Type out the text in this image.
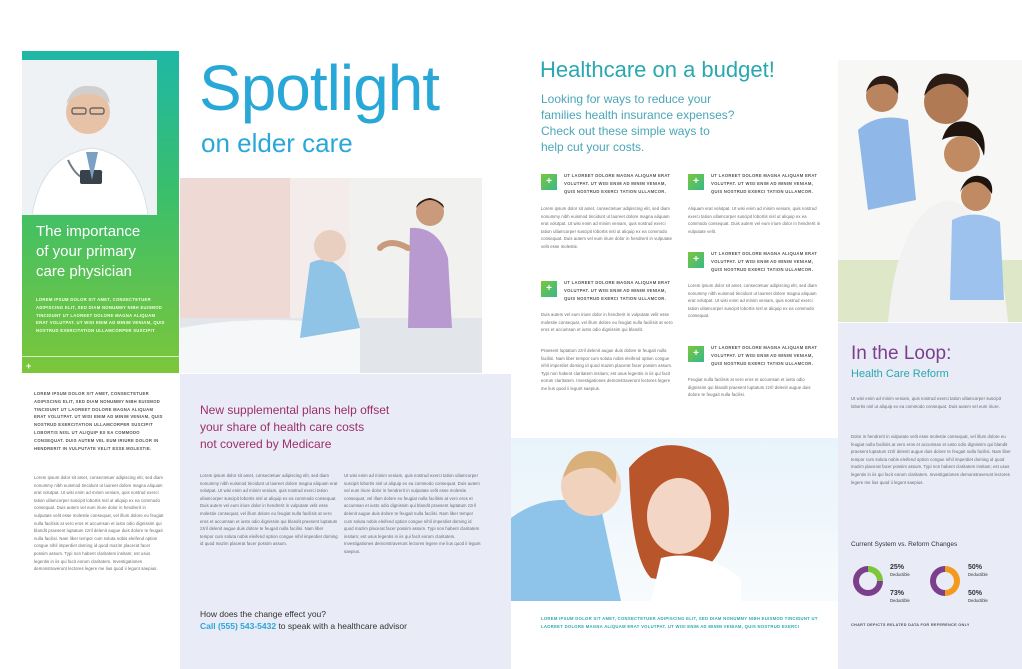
The importance
of your primary
care physician
LOREM IPSUM DOLOR SIT AMET, CONSECTETUER ADIPISCING ELIT, SED DIAM NONUMMY NIBH EUISMOD TINCIDUNT UT LAOREET DOLORE MAGNA ALIQUAM ERAT VOLUTPAT. UT WISI ENIM AD MINIM VENIAM, QUIS NOSTRUD EXERCITATION ULLAMCORPER SUSCIPIT
+
LOREM IPSUM DOLOR SIT AMET, CONSECTETUER ADIPISCING ELIT, SED DIAM NONUMMY NIBH EUISMOD TINCIDUNT UT LAOREET DOLORE MAGNA ALIQUAM ERAT VOLUTPAT. UT WISI ENIM AD MINIM VENIAM, QUIS NOSTRUD EXERCITATION ULLAMCORPER SUSCIPIT LOBORTIS NISL UT ALIQUIP EX EA COMMODO CONSEQUAT. DUIS AUTEM VEL EUM IRIURE DOLOR IN HENDRERIT IN VULPUTATE VELIT ESSE MOLESTIE.
Lorem ipsum dolor sit amet, consectetuer adipiscing elit, sed diam nonummy nibh euismod tincidunt ut laoreet dolore magna aliquam erat volutpat. Ut wisi enim ad minim veniam, quis nostrud exerci tation ullamcorper suscipit lobortis nisl ut aliquip ex ea commodo consequat. Duis autem vel eum iriure dolor in hendrerit in vulputate velit esse molestie consequat, vel illum dolore eu feugiat nulla facilisis at vero eros et accumsan et iusto odio dignissim qui blandit praesent luptatum zzril delenit augue duis dolore te feugait nulla facilisi. Nam liber tempor cum soluta nobis eleifend option congue nihil imperdiet doming id quod mazim placerat facer possim assum. Typi non habent claritatem insitam; est usus legentis in iis qui facit eorum claritatem. Investigationes demonstraverunt lectores legere me lius quod ii legunt saepius.
Spotlight
on elder care
New supplemental plans help offset
your share of health care costs
not covered by Medicare
Lorem ipsum dolor sit amet, consectetuer adipiscing elit, sed diam nonummy nibh euismod tincidunt ut laoreet dolore magna aliquam erat volutpat. Ut wisi enim ad minim veniam, quis nostrud exerci tation ullamcorper suscipit lobortis nisl ut aliquip ex ea commodo consequat. Duis autem vel eum iriure dolor in hendrerit in vulputate velit esse molestie consequat, vel illum dolore eu feugiat nulla facilisis at vero eros et accumsan et iusto odio dignissim qui blandit praesent luptatum zzril delenit augue duis dolore te feugait nulla facilisi. Nam liber tempor cum soluta nobis eleifend option congue nihil imperdiet doming id quod mazim placerat facer possim assum.
Ut wisi enim ad minim veniam, quis nostrud exerci tation ullamcorper suscipit lobortis nisl ut aliquip ex ea commodo consequat. Duis autem vel eum iriure dolor in hendrerit in vulputate velit esse molestie consequat, vel illum dolore eu feugiat nulla facilisis at vero eros et accumsan et iusto odio dignissim qui blandit praesent luptatum zzril delenit augue duis dolore te feugait nulla facilisi. Nam liber tempor cum soluta nobis eleifend option congue nihil imperdiet doming id quod mazim placerat facer possim assum. Typi non habent claritatem insitam; est usus legentis in iis qui facit eorum claritatem. Investigationes demonstraverunt lectores legere me lius quod ii legunt saepius.
How does the change effect you?
Call (555) 543-5432 to speak with a healthcare advisor
Healthcare on a budget!
Looking for ways to reduce your
families health insurance expenses?
Check out these simple ways to
help cut your costs.
+
UT LAOREET DOLORE MAGNA ALIQUAM ERAT VOLUTPAT. UT WISI ENIM AD MINIM VENIAM, QUIS NOSTRUD EXERCI TATION ULLAMCOR.
Lorem ipsum dolor sit amet, consectetuer adipiscing elit, sed diam nonummy nibh euismod tincidunt ut laoreet dolore magna aliquam erat volutpat. Ut wisi enim ad minim veniam, quis nostrud exerci tation ullamcorper suscipit lobortis nisl ut aliquip ex ea commodo consequat. Duis autem vel eum iriure dolor in hendrerit in vulputate velit esse molestie.
+
UT LAOREET DOLORE MAGNA ALIQUAM ERAT VOLUTPAT. UT WISI ENIM AD MINIM VENIAM, QUIS NOSTRUD EXERCI TATION ULLAMCOR.
Duis autem vel eum iriure dolor in hendrerit in vulputate velit esse molestie consequat, vel illum dolore eu feugiat nulla facilisis at vero eros et accumsan et iusto odio dignissim qui blandit.
Praesent luptatum zzril delenit augue duis dolore te feugait nulla facilisi. Nam liber tempor cum soluta nobis eleifend option congue nihil imperdiet doming id quod mazim placerat facer possim assum. Typi non habent claritatem insitam; est usus legentis in iis qui facit eorum claritatem. Investigationes demonstraverunt lectores legere me lius quod ii legunt saepius.
+
UT LAOREET DOLORE MAGNA ALIQUAM ERAT VOLUTPAT. UT WISI ENIM AD MINIM VENIAM, QUIS NOSTRUD EXERCI TATION ULLAMCOR.
Aliquam erat volutpat. Ut wisi enim ad minim veniam, quis nostrud exerci tation ullamcorper suscipit lobortis nisl ut aliquip ex ea commodo consequat. Duis autem vel eum iriure dolor in hendrerit in vulputate velit.
+
UT LAOREET DOLORE MAGNA ALIQUAM ERAT VOLUTPAT. UT WISI ENIM AD MINIM VENIAM, QUIS NOSTRUD EXERCI TATION ULLAMCOR.
Lorem ipsum dolor sit amet, consectetuer adipiscing elit, sed diam nonummy nibh euismod tincidunt ut laoreet dolore magna aliquam erat volutpat. Ut wisi enim ad minim veniam, quis nostrud exerci tation ullamcorper suscipit lobortis nisl ut aliquip ex ea commodo consequat.
+
UT LAOREET DOLORE MAGNA ALIQUAM ERAT VOLUTPAT. UT WISI ENIM AD MINIM VENIAM, QUIS NOSTRUD EXERCI TATION ULLAMCOR.
Feugiat nulla facilisis at vero eros et accumsan et iusto odio dignissim qui blandit praesent luptatum zzril delenit augue duis dolore te feugait nulla facilisi.
LOREM IPSUM DOLOR SIT AMET, CONSECTETUER ADIPISCING ELIT, SED DIAM NONUMMY NIBH EUISMOD TINCIDUNT UT LAOREET DOLORE MAGNA ALIQUAM ERAT VOLUTPAT. UT WISI ENIM AD MINIM VENIAM, QUIS NOSTRUD EXERCI
In the Loop:
Health Care Reform
Ut wisi enim ad minim veniam, quis nostrud exerci tation ullamcorper suscipit lobortis nisl ut aliquip ex ea commodo consequat. Duis autem vel eum iriure.
Dolor in hendrerit in vulputate velit esse molestie consequat, vel illum dolore eu feugiat nulla facilisis at vero eros et accumsan et iusto odio dignissim qui blandit praesent luptatum zzril delenit augue duis dolore te feugait nulla facilisi. Nam liber tempor cum soluta nobis eleifend option congue nihil imperdiet doming id quod mazim placerat facer possim assum. Typi non habent claritatem insitam; est usus legentis in iis qui facit eorum claritatem. Investigationes demonstraverunt lectores legere me lius quod ii legunt saepius.
Current System vs. Reform Changes
25%
Deductible
73%
Deductible
50%
Deductible
50%
Deductible
CHART DEPICTS RELATED DATA FOR REFERENCE ONLY
